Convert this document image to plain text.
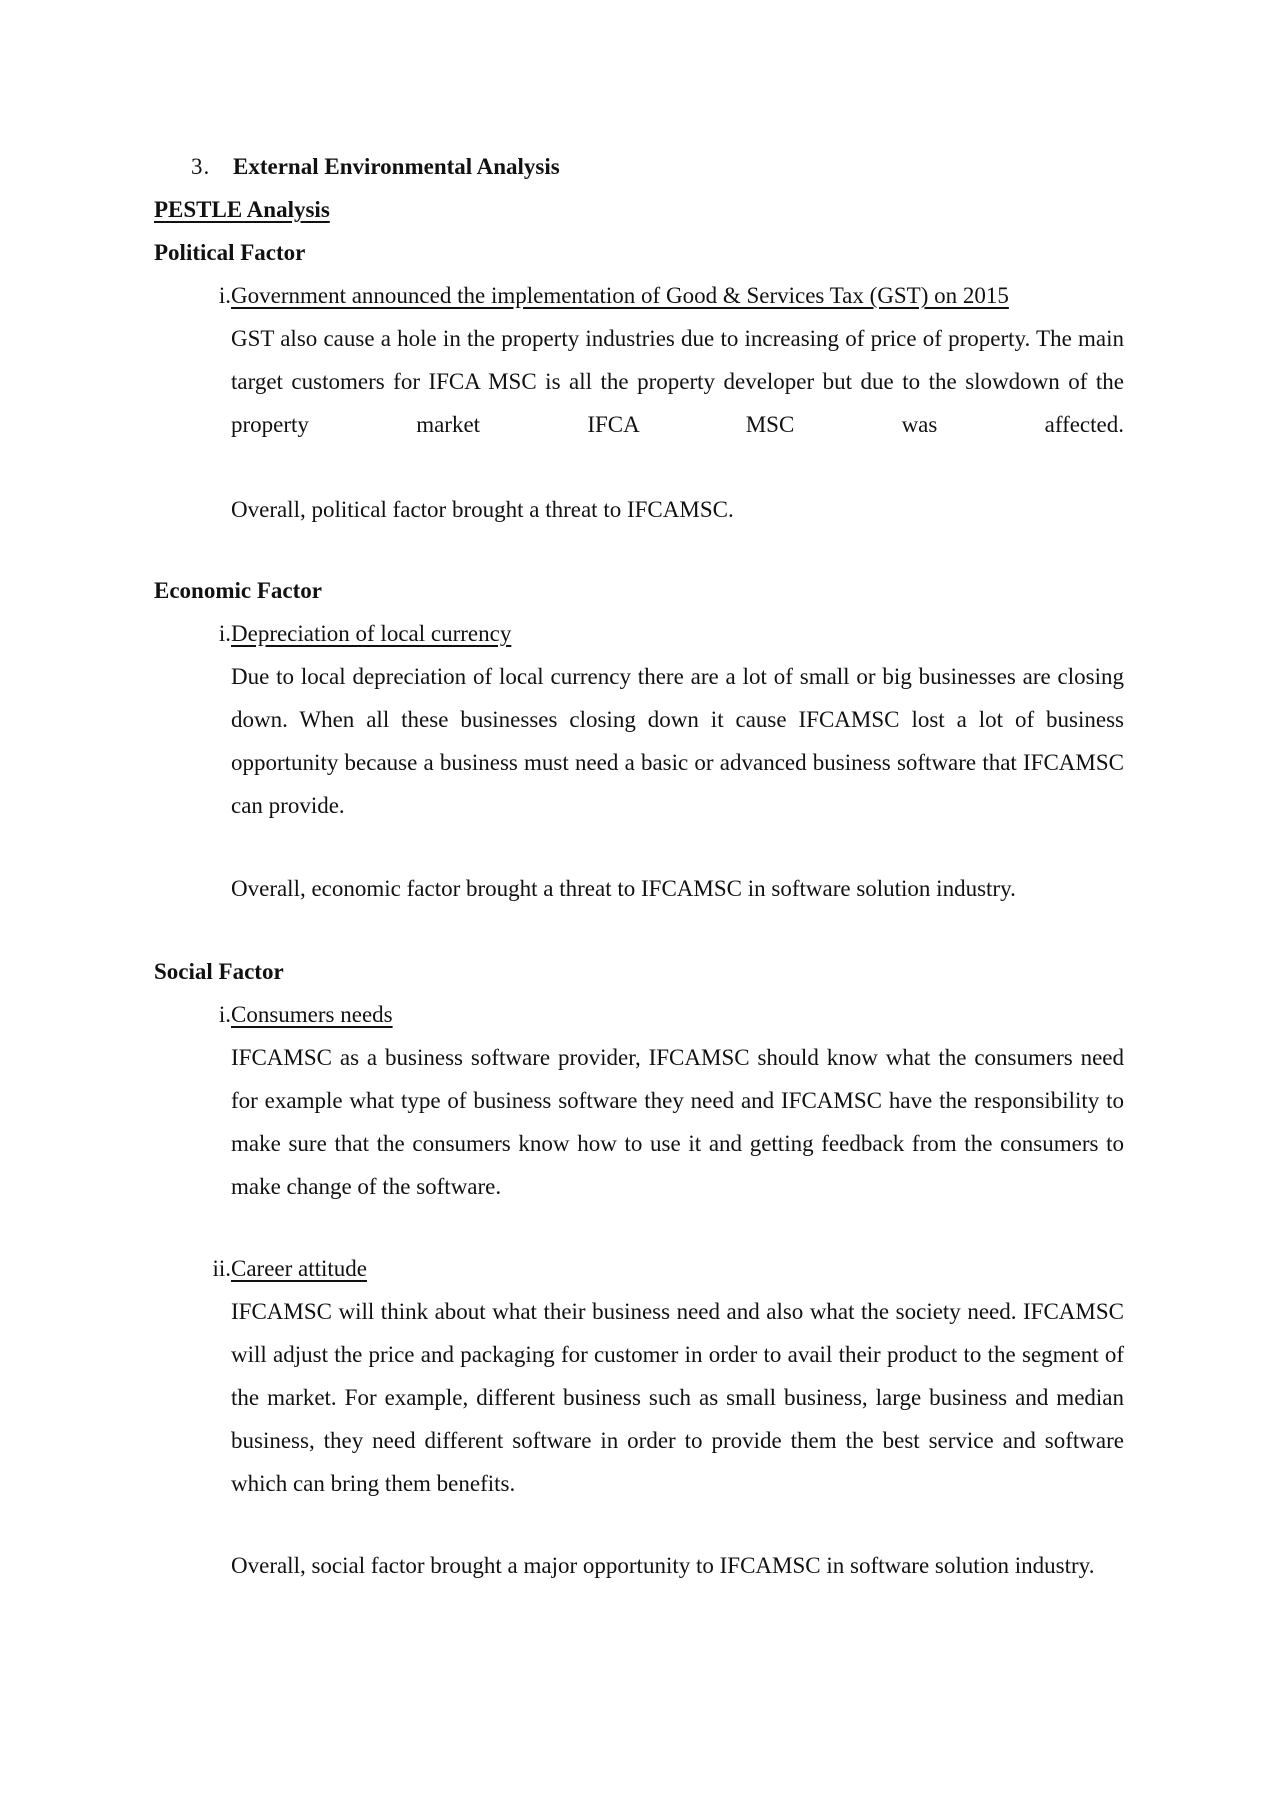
3. External Environmental Analysis
PESTLE Analysis
Political Factor
i. Government announced the implementation of Good & Services Tax (GST) on 2015
GST also cause a hole in the property industries due to increasing of price of property. The main target customers for IFCA MSC is all the property developer but due to the slowdown of the property market IFCA MSC was affected.
Overall, political factor brought a threat to IFCAMSC.
Economic Factor
i. Depreciation of local currency
Due to local depreciation of local currency there are a lot of small or big businesses are closing down. When all these businesses closing down it cause IFCAMSC lost a lot of business opportunity because a business must need a basic or advanced business software that IFCAMSC can provide.
Overall, economic factor brought a threat to IFCAMSC in software solution industry.
Social Factor
i. Consumers needs
IFCAMSC as a business software provider, IFCAMSC should know what the consumers need for example what type of business software they need and IFCAMSC have the responsibility to make sure that the consumers know how to use it and getting feedback from the consumers to make change of the software.
ii. Career attitude
IFCAMSC will think about what their business need and also what the society need. IFCAMSC will adjust the price and packaging for customer in order to avail their product to the segment of the market. For example, different business such as small business, large business and median business, they need different software in order to provide them the best service and software which can bring them benefits.
Overall, social factor brought a major opportunity to IFCAMSC in software solution industry.
